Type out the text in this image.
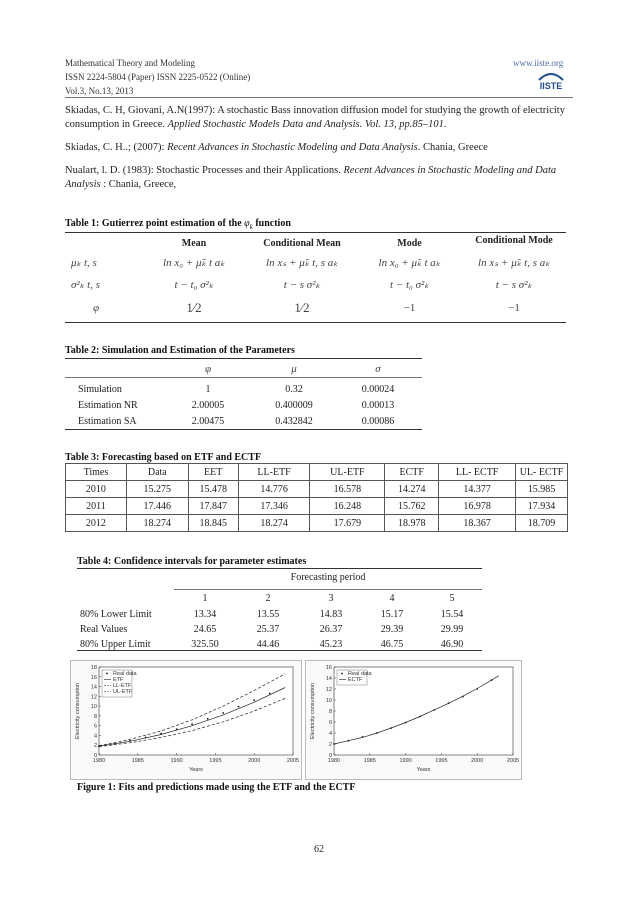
Mathematical Theory and Modeling
ISSN 2224-5804 (Paper) ISSN 2225-0522 (Online)
Vol.3, No.13, 2013
www.iiste.org
IISTE
Skiadas, C. H, Giovani, A.N(1997): A stochastic Bass innovation diffusion model for studying the growth of electricity consumption in Greece. Applied Stochastic Models Data and Analysis. Vol. 13, pp.85–101.
Skiadas, C. H..; (2007): Recent Advances in Stochastic Modeling and Data Analysis. Chania, Greece
Nualart, l. D. (1983): Stochastic Processes and their Applications. Recent Advances in Stochastic Modeling and Data Analysis : Chania, Greece,
Table 1: Gutierrez point estimation of the $\varphi_k$ function
	Mean	Conditional Mean	Mode	Conditional Mode
μₖ t, s	ln x₀ + μ̃ₖ t aₖ	ln xₛ + μ̃ₖ t, s aₖ	ln x₀ + μ̃ₖ t aₖ	ln xₛ + μ̃ₖ t, s aₖ
σ²ₖ t, s	t − t₀ σ²ₖ	t − s σ²ₖ	t − t₀ σ²ₖ	t − s σ²ₖ
φ	1⁄2	1⁄2	−1	−1
Table 2: Simulation and Estimation of the Parameters
	φ	μ	σ

Simulation	1	0.32	0.00024
Estimation NR	2.00005	0.400009	0.00013
Estimation SA	2.00475	0.432842	0.00086
Table 3: Forecasting based on ETF and ECTF
Times	Data	EET	LL-ETF	UL-ETF	ECTF	LL- ECTF	UL- ECTF
2010	15.275	15.478	14.776	16.578	14.274	14.377	15.985
2011	17.446	17.847	17.346	16.248	15.762	16.978	17.934
2012	18.274	18.845	18.274	17.679	18.978	18.367	18.709
Table 4: Confidence intervals for parameter estimates
	Forecasting period				

	1	2	3	4	5
80% Lower Limit	13.34	13.55	14.83	15.17	15.54
Real Values	24.65	25.37	26.37	29.39	29.99
80% Upper Limit	325.50	44.46	45.23	46.75	46.90
0
2
4
6
8
10
12
14
16
18
1980	1985	1990	1995	2000	2005
Years
Electricity consumption
Real data
ETF
LL-ETF
UL-ETF
0
2
4
6
8
10
12
14
16
1980	1985	1990	1995	2000	2005
Years
Electricity consumption
Real data
ECTF
Figure 1: Fits and predictions made using the ETF and the ECTF
62
